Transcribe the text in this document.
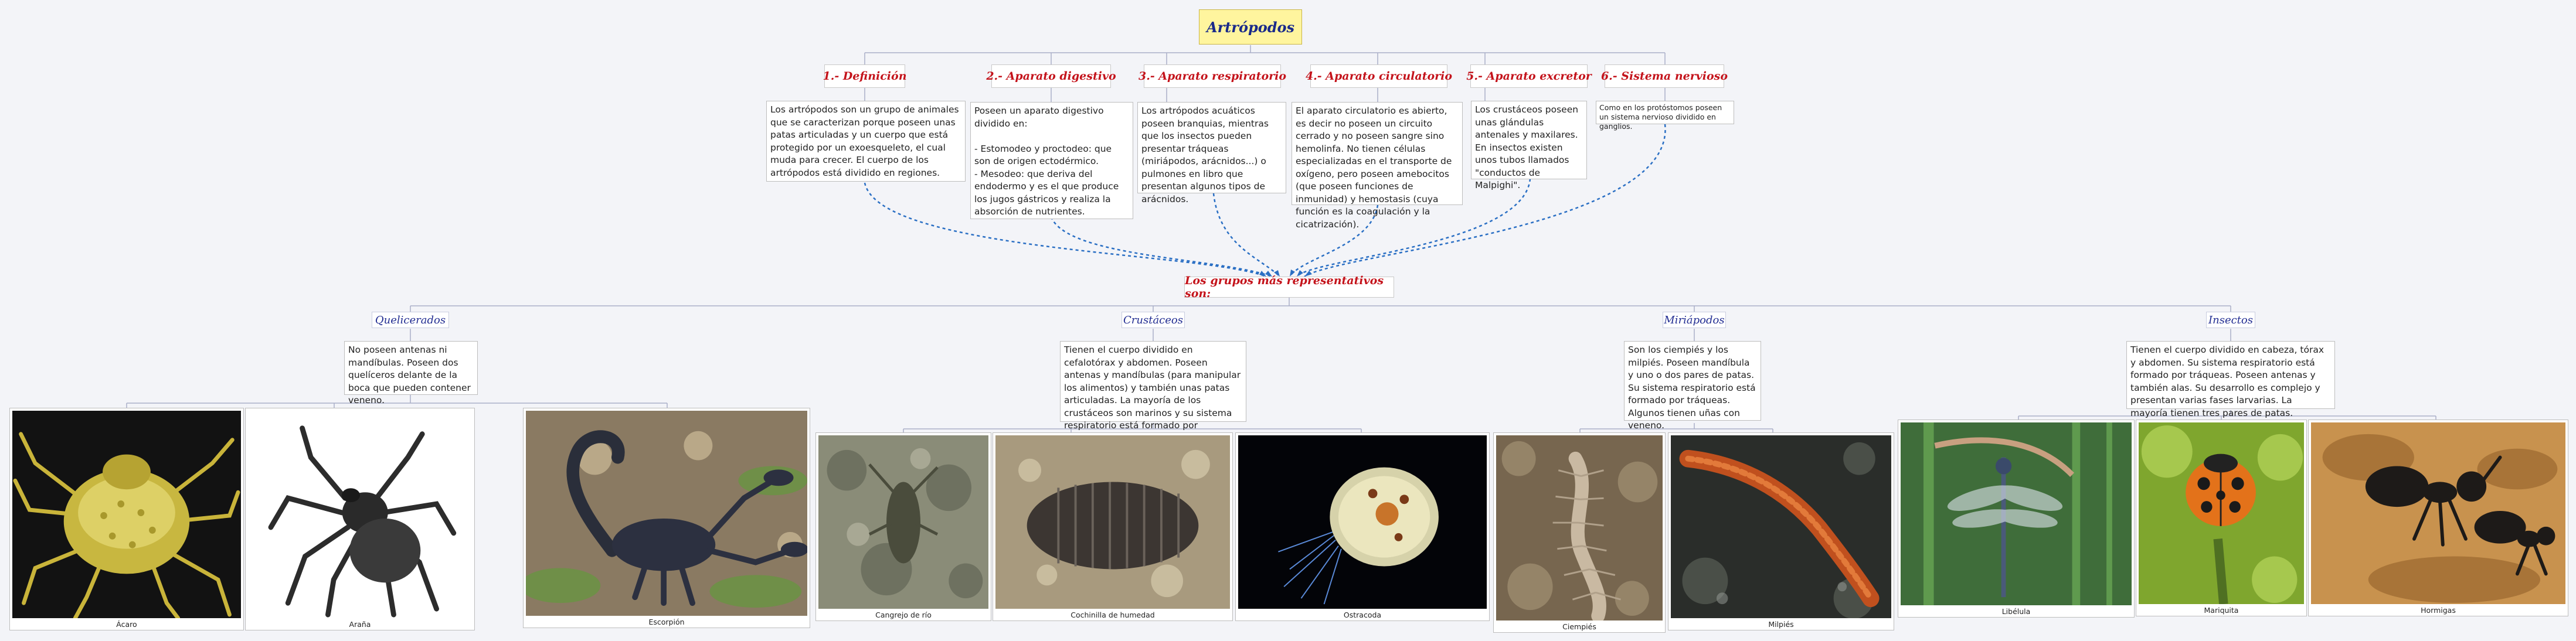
Artrópodos
1.- Definición	2.- Aparato digestivo 3.- Aparato respiratorio 4.- Aparato circulatorio 5.- Aparato excretor 6.- Sistema nervioso
Los artrópodos son un grupo de animales que se caracterizan porque poseen unas patas articuladas y un cuerpo que está protegido por un exoesqueleto, el cual muda para crecer. El cuerpo de los artrópodos está dividido en regiones.
Poseen un aparato digestivo dividido en:

- Estomodeo y proctodeo: que son de origen ectodérmico.
- Mesodeo: que deriva del endodermo y es el que produce los jugos gástricos y realiza la absorción de nutrientes.
Los artrópodos acuáticos poseen branquias, mientras que los insectos pueden presentar tráqueas (miriápodos, arácnidos...) o pulmones en libro que presentan algunos tipos de arácnidos.
El aparato circulatorio es abierto, es decir no poseen un circuito cerrado y no poseen sangre sino hemolinfa. No tienen células especializadas en el transporte de oxígeno, pero poseen amebocitos (que poseen funciones de inmunidad) y hemostasis (cuya función es la coagulación y la cicatrización).
Los crustáceos poseen unas glándulas antenales y maxilares. En insectos existen unos tubos llamados "conductos de Malpighi".
Como en los protóstomos poseen un sistema nervioso dividido en ganglios.
Los grupos más representativos son:
Quelicerados	Crustáceos	Miriápodos	Insectos
No poseen antenas ni mandíbulas. Poseen dos quelíceros delante de la boca que pueden contener veneno.
Tienen el cuerpo dividido en cefalotórax y abdomen. Poseen antenas y mandíbulas (para manipular los alimentos) y también unas patas articuladas. La mayoría de los crustáceos son marinos y su sistema respiratorio está formado por
Son los ciempiés y los milpiés. Poseen mandíbula y uno o dos pares de patas. Su sistema respiratorio está formado por tráqueas. Algunos tienen uñas con veneno.
Tienen el cuerpo dividido en cabeza, tórax y abdomen. Su sistema respiratorio está formado por tráqueas. Poseen antenas y también alas. Su desarrollo es complejo y presentan varias fases larvarias. La mayoría tienen tres pares de patas.
Ácaro	Araña	Escorpión
Cangrejo de río	Cochinilla de humedad	Ostracoda
Ciempiés	Milpiés
Libélula	Mariquita	Hormigas
